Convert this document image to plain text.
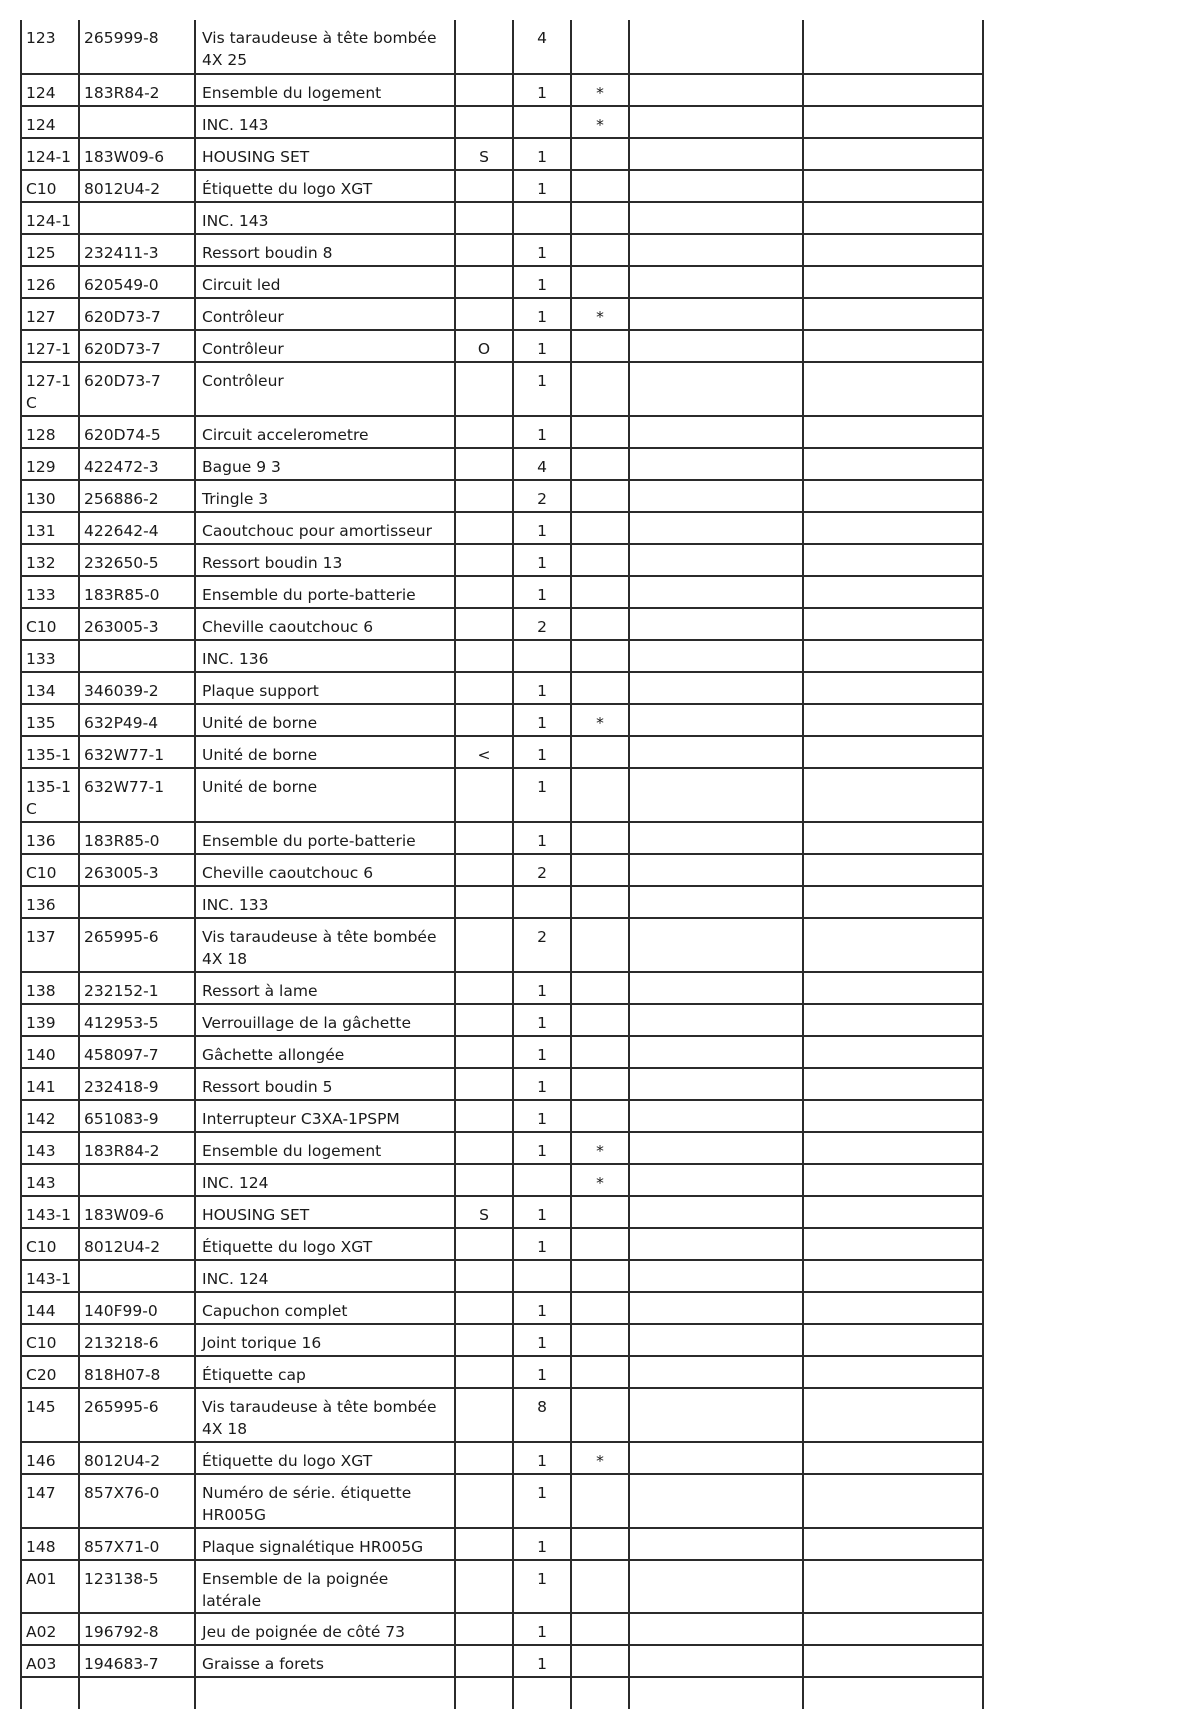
123	265999-8	Vis taraudeuse à tête bombée 4X 25		4			
124	183R84-2	Ensemble du logement		1	*		
124		INC. 143			*		
124-1	183W09-6	HOUSING SET	S	1			
C10	8012U4-2	Étiquette du logo XGT		1			
124-1		INC. 143					
125	232411-3	Ressort boudin 8		1			
126	620549-0	Circuit led		1			
127	620D73-7	Contrôleur		1	*		
127-1	620D73-7	Contrôleur	O	1			
127-1 C	620D73-7	Contrôleur		1			
128	620D74-5	Circuit accelerometre		1			
129	422472-3	Bague 9 3		4			
130	256886-2	Tringle 3		2			
131	422642-4	Caoutchouc pour amortisseur		1			
132	232650-5	Ressort boudin 13		1			
133	183R85-0	Ensemble du porte-batterie		1			
C10	263005-3	Cheville caoutchouc 6		2			
133		INC. 136					
134	346039-2	Plaque support		1			
135	632P49-4	Unité de borne		1	*		
135-1	632W77-1	Unité de borne	<	1			
135-1 C	632W77-1	Unité de borne		1			
136	183R85-0	Ensemble du porte-batterie		1			
C10	263005-3	Cheville caoutchouc 6		2			
136		INC. 133					
137	265995-6	Vis taraudeuse à tête bombée 4X 18		2			
138	232152-1	Ressort à lame		1			
139	412953-5	Verrouillage de la gâchette		1			
140	458097-7	Gâchette allongée		1			
141	232418-9	Ressort boudin 5		1			
142	651083-9	Interrupteur C3XA-1PSPM		1			
143	183R84-2	Ensemble du logement		1	*		
143		INC. 124			*		
143-1	183W09-6	HOUSING SET	S	1			
C10	8012U4-2	Étiquette du logo XGT		1			
143-1		INC. 124					
144	140F99-0	Capuchon complet		1			
C10	213218-6	Joint torique 16		1			
C20	818H07-8	Étiquette cap		1			
145	265995-6	Vis taraudeuse à tête bombée 4X 18		8			
146	8012U4-2	Étiquette du logo XGT		1	*		
147	857X76-0	Numéro de série. étiquette HR005G		1			
148	857X71-0	Plaque signalétique HR005G		1			
A01	123138-5	Ensemble de la poignée latérale		1			
A02	196792-8	Jeu de poignée de côté 73		1			
A03	194683-7	Graisse a forets		1			
